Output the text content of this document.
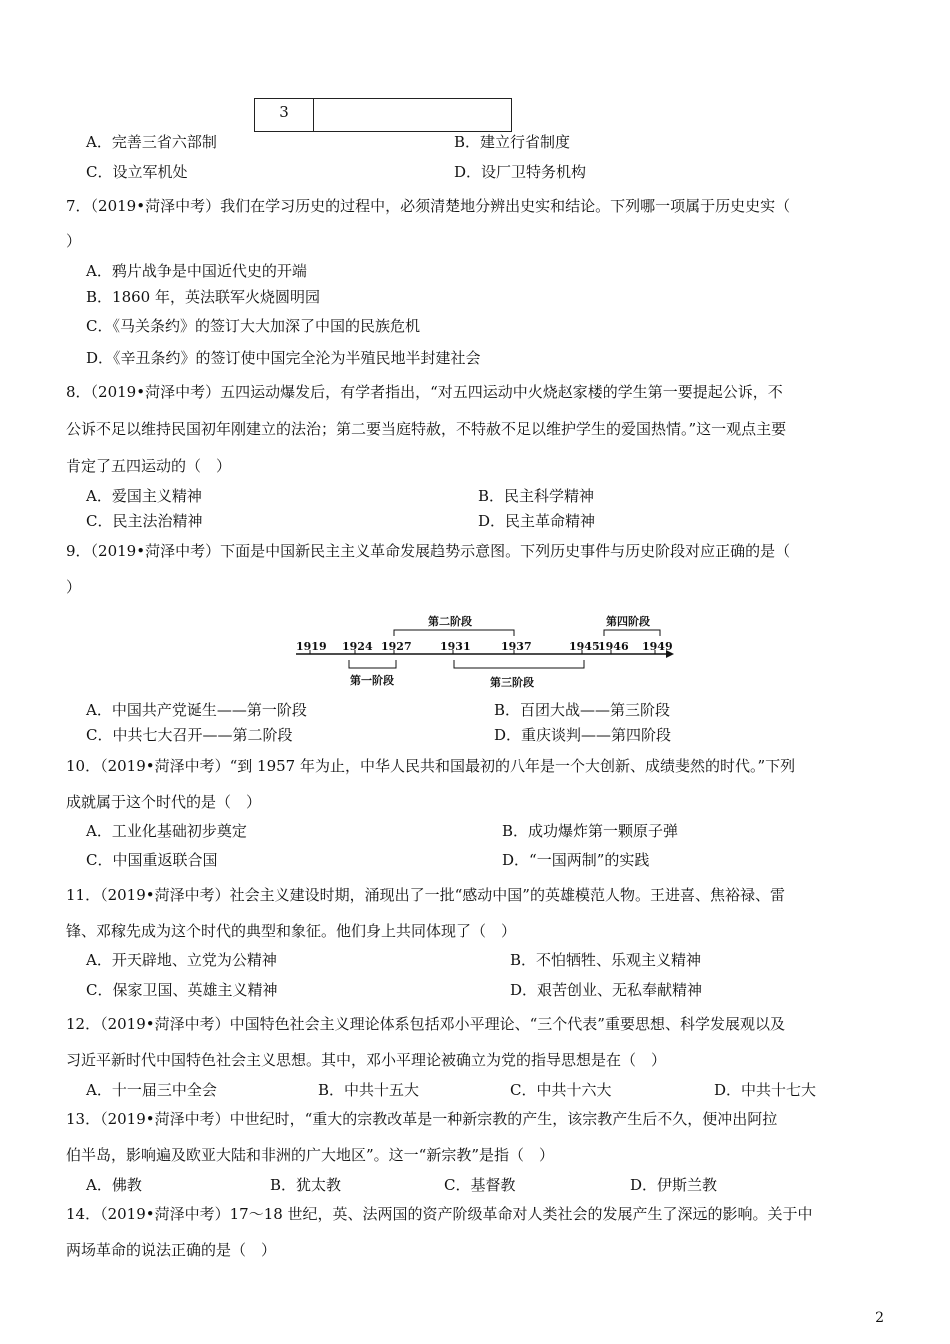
3
A．完善三省六部制	B．建立行省制度
C．设立军机处	D．设厂卫特务机构
7．（2019•菏泽中考）我们在学习历史的过程中，必须清楚地分辨出史实和结论。下列哪一项属于历史史实（
）
A．鸦片战争是中国近代史的开端
B．1860 年，英法联军火烧圆明园
C．《马关条约》的签订大大加深了中国的民族危机
D．《辛丑条约》的签订使中国完全沦为半殖民地半封建社会
8．（2019•菏泽中考）五四运动爆发后，有学者指出，“对五四运动中火烧赵家楼的学生第一要提起公诉，不
公诉不足以维持民国初年刚建立的法治；第二要当庭特赦，不特赦不足以维护学生的爱国热情。”这一观点主要
肯定了五四运动的（　）
A．爱国主义精神	B．民主科学精神
C．民主法治精神	D．民主革命精神
9．（2019•菏泽中考）下面是中国新民主主义革命发展趋势示意图。下列历史事件与历史阶段对应正确的是（
）
1919 1924 1927	1931	1937	1945
1946 1949
第二阶段	第四阶段
第一阶段	第三阶段
A．中国共产党诞生——第一阶段	B．百团大战——第三阶段
C．中共七大召开——第二阶段	D．重庆谈判——第四阶段
10．（2019•菏泽中考）“到 1957 年为止，中华人民共和国最初的八年是一个大创新、成绩斐然的时代。”下列
成就属于这个时代的是（　）
A．工业化基础初步奠定	B．成功爆炸第一颗原子弹
C．中国重返联合国	D．“一国两制”的实践
11．（2019•菏泽中考）社会主义建设时期，涌现出了一批“感动中国”的英雄模范人物。王进喜、焦裕禄、雷
锋、邓稼先成为这个时代的典型和象征。他们身上共同体现了（　）
A．开天辟地、立党为公精神	B．不怕牺牲、乐观主义精神
C．保家卫国、英雄主义精神	D．艰苦创业、无私奉献精神
12．（2019•菏泽中考）中国特色社会主义理论体系包括邓小平理论、“三个代表”重要思想、科学发展观以及
习近平新时代中国特色社会主义思想。其中，邓小平理论被确立为党的指导思想是在（　）
A．十一届三中全会	B．中共十五大	C．中共十六大	D．中共十七大
13．（2019•菏泽中考）中世纪时，“重大的宗教改革是一种新宗教的产生，该宗教产生后不久，便冲出阿拉
伯半岛，影响遍及欧亚大陆和非洲的广大地区”。这一“新宗教”是指（　）
A．佛教	B．犹太教	C．基督教	D．伊斯兰教
14．（2019•菏泽中考）17～18 世纪，英、法两国的资产阶级革命对人类社会的发展产生了深远的影响。关于中
两场革命的说法正确的是（　）
2
